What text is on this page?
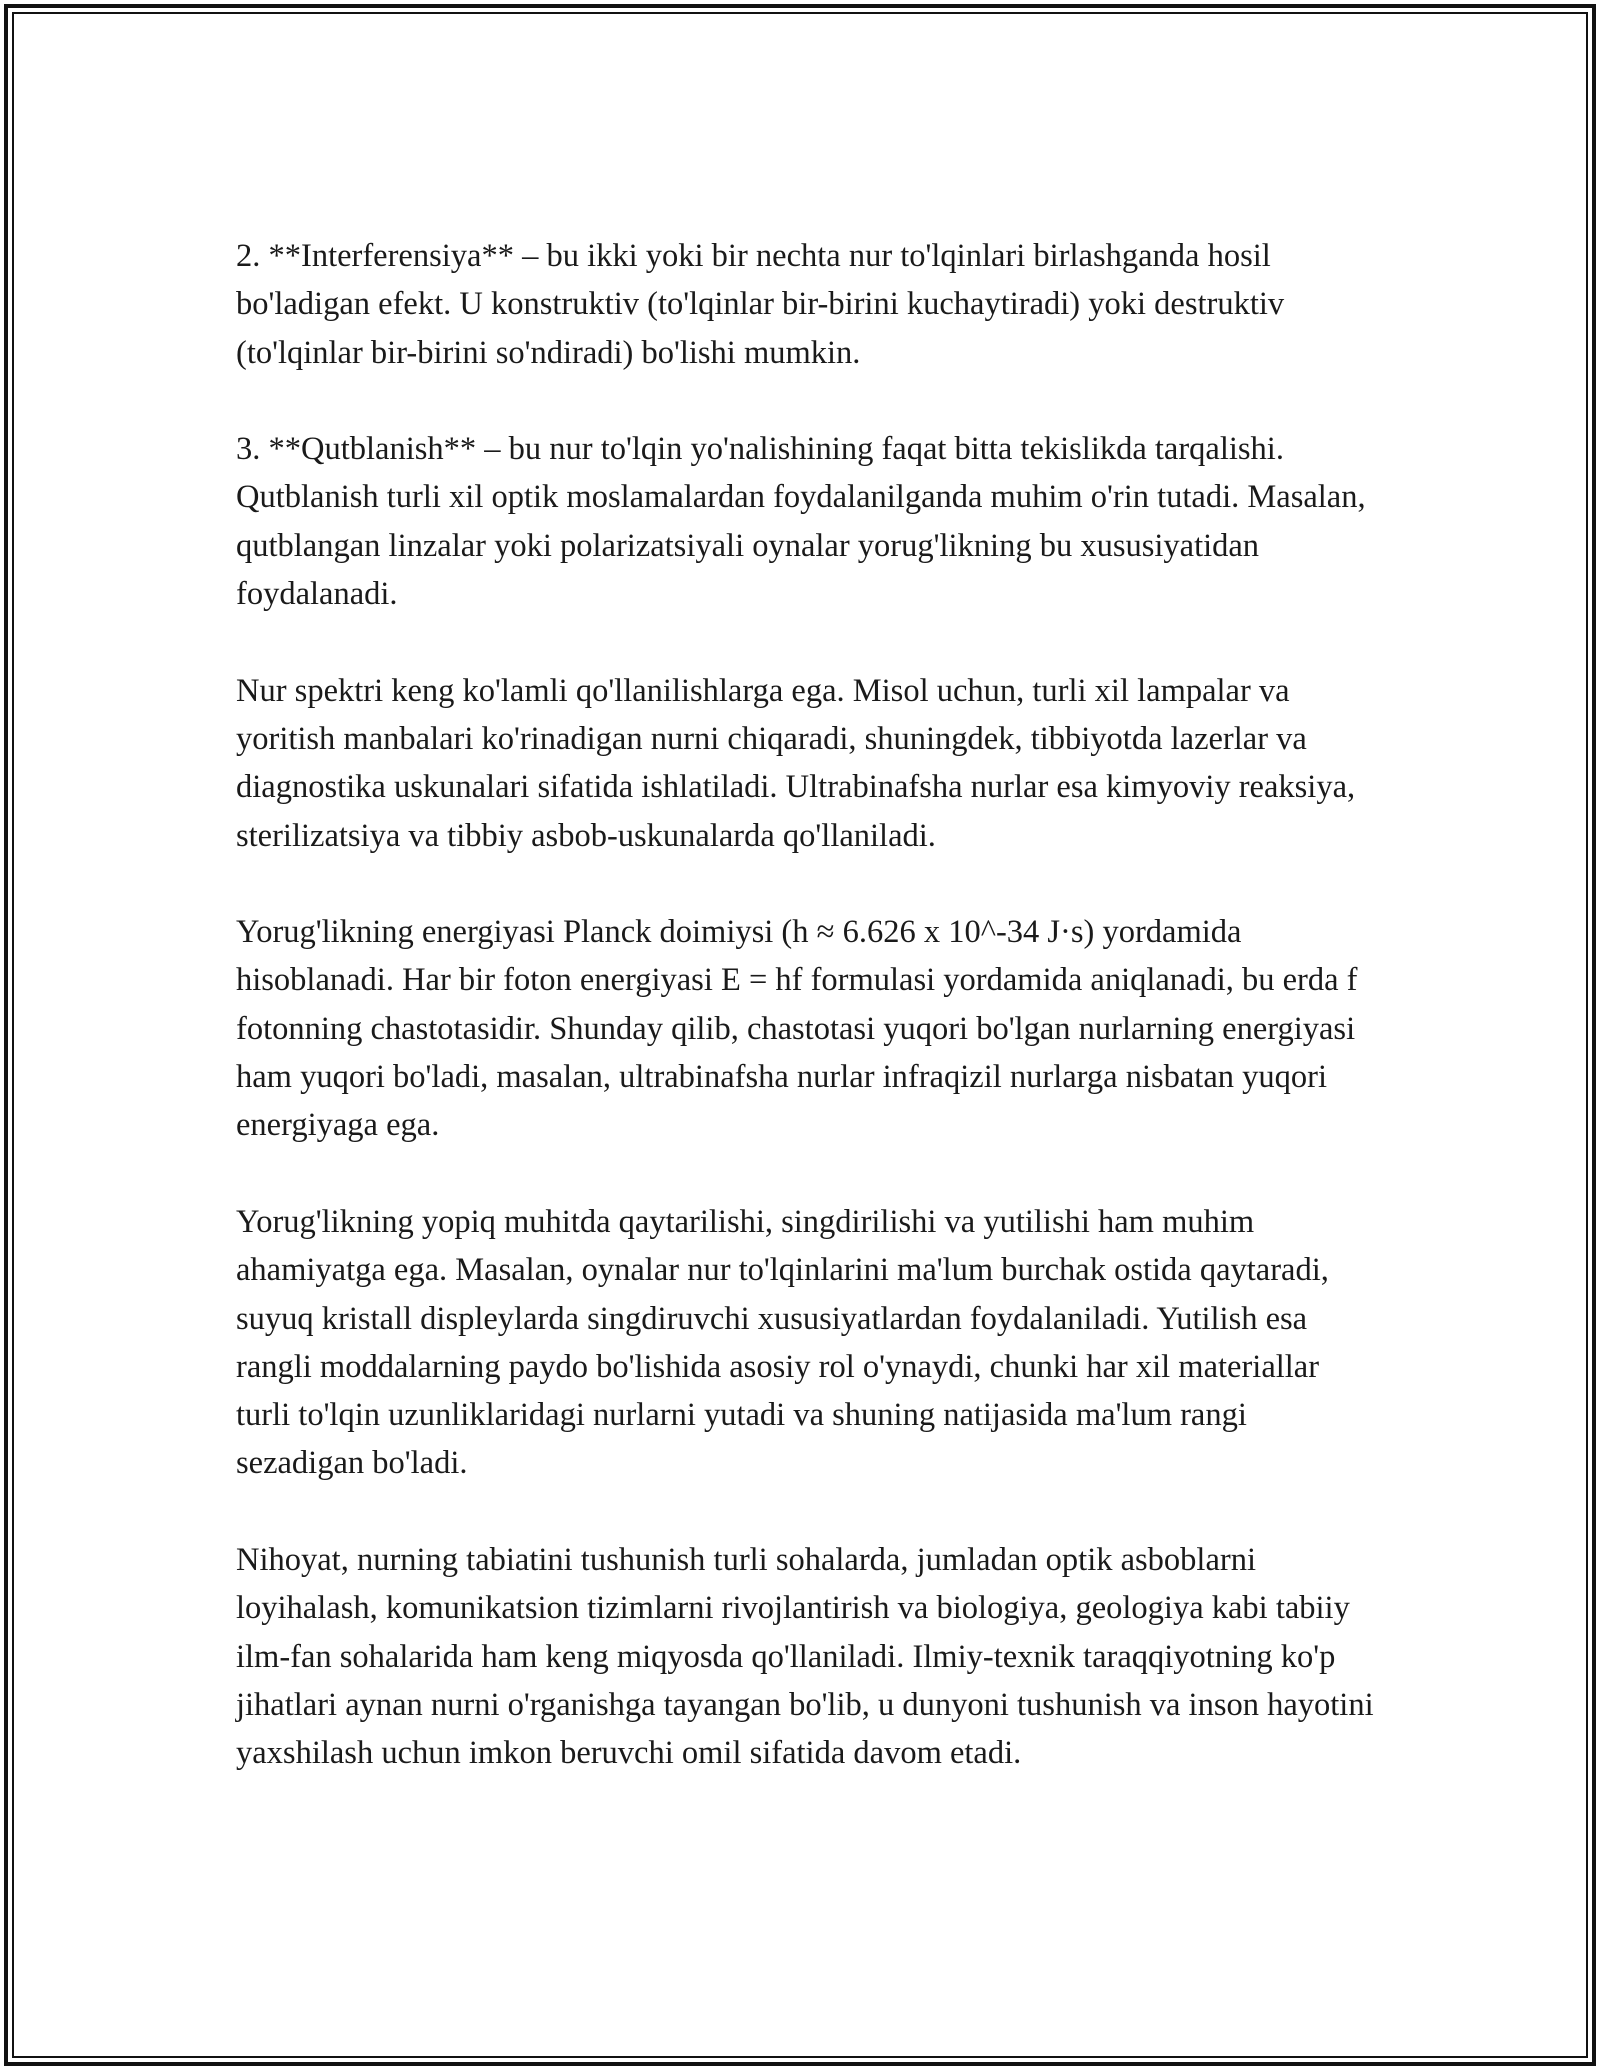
2. **Interferensiya** – bu ikki yoki bir nechta nur to'lqinlari birlashganda hosil bo'ladigan efekt. U konstruktiv (to'lqinlar bir-birini kuchaytiradi) yoki destruktiv (to'lqinlar bir-birini so'ndiradi) bo'lishi mumkin.

3. **Qutblanish** – bu nur to'lqin yo'nalishining faqat bitta tekislikda tarqalishi. Qutblanish turli xil optik moslamalardan foydalanilganda muhim o'rin tutadi. Masalan, qutblangan linzalar yoki polarizatsiyali oynalar yorug'likning bu xususiyatidan foydalanadi.

Nur spektri keng ko'lamli qo'llanilishlarga ega. Misol uchun, turli xil lampalar va yoritish manbalari ko'rinadigan nurni chiqaradi, shuningdek, tibbiyotda lazerlar va diagnostika uskunalari sifatida ishlatiladi. Ultrabinafsha nurlar esa kimyoviy reaksiya, sterilizatsiya va tibbiy asbob-uskunalarda qo'llaniladi.

Yorug'likning energiyasi Planck doimiysi (h ≈ 6.626 x 10^-34 J·s) yordamida hisoblanadi. Har bir foton energiyasi E = hf formulasi yordamida aniqlanadi, bu erda f fotonning chastotasidir. Shunday qilib, chastotasi yuqori bo'lgan nurlarning energiyasi ham yuqori bo'ladi, masalan, ultrabinafsha nurlar infraqizil nurlarga nisbatan yuqori energiyaga ega.

Yorug'likning yopiq muhitda qaytarilishi, singdirilishi va yutilishi ham muhim ahamiyatga ega. Masalan, oynalar nur to'lqinlarini ma'lum burchak ostida qaytaradi, suyuq kristall displeylarda singdiruvchi xususiyatlardan foydalaniladi. Yutilish esa rangli moddalarning paydo bo'lishida asosiy rol o'ynaydi, chunki har xil materiallar turli to'lqin uzunliklaridagi nurlarni yutadi va shuning natijasida ma'lum rangi sezadigan bo'ladi.

Nihoyat, nurning tabiatini tushunish turli sohalarda, jumladan optik asboblarni loyihalash, komunikatsion tizimlarni rivojlantirish va biologiya, geologiya kabi tabiiy ilm-fan sohalarida ham keng miqyosda qo'llaniladi. Ilmiy-texnik taraqqiyotning ko'p jihatlari aynan nurni o'rganishga tayangan bo'lib, u dunyoni tushunish va inson hayotini yaxshilash uchun imkon beruvchi omil sifatida davom etadi.
